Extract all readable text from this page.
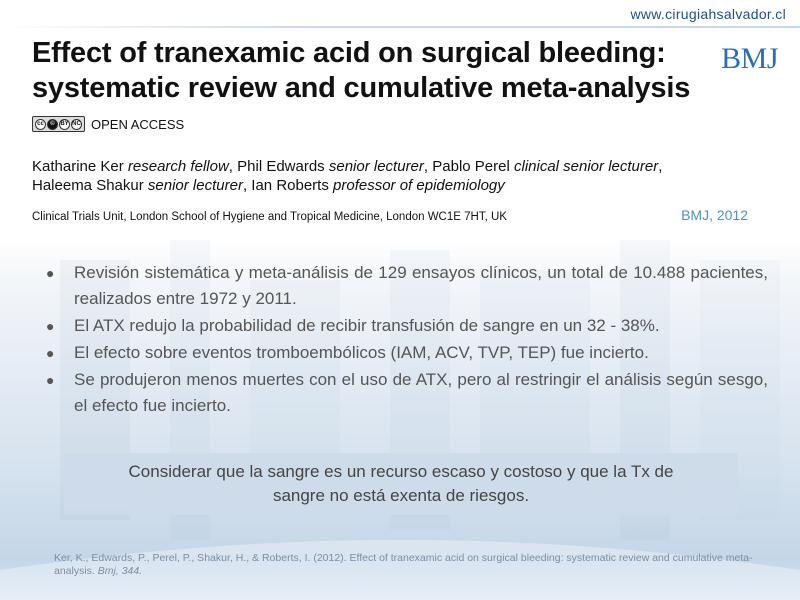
www.cirugiahsalvador.cl
Effect of tranexamic acid on surgical bleeding:
systematic review and cumulative meta-analysis
BMJ
cc	© BY NC OPEN ACCESS
Katharine Ker research fellow, Phil Edwards senior lecturer, Pablo Perel clinical senior lecturer,
Haleema Shakur senior lecturer, Ian Roberts professor of epidemiology
Clinical Trials Unit, London School of Hygiene and Tropical Medicine, London WC1E 7HT, UK	BMJ, 2012
● Revisión sistemática y meta-análisis de 129 ensayos clínicos, un total de 10.488 pacientes, realizados entre 1972 y 2011.
● El ATX redujo la probabilidad de recibir transfusión de sangre en un 32 - 38%.
● El efecto sobre eventos tromboembólicos (IAM, ACV, TVP, TEP) fue incierto.
● Se produjeron menos muertes con el uso de ATX, pero al restringir el análisis según sesgo, el efecto fue incierto.
Considerar que la sangre es un recurso escaso y costoso y que la Tx de
sangre no está exenta de riesgos.
Ker, K., Edwards, P., Perel, P., Shakur, H., & Roberts, I. (2012). Effect of tranexamic acid on surgical bleeding: systematic review and cumulative meta-analysis. Bmj, 344.
